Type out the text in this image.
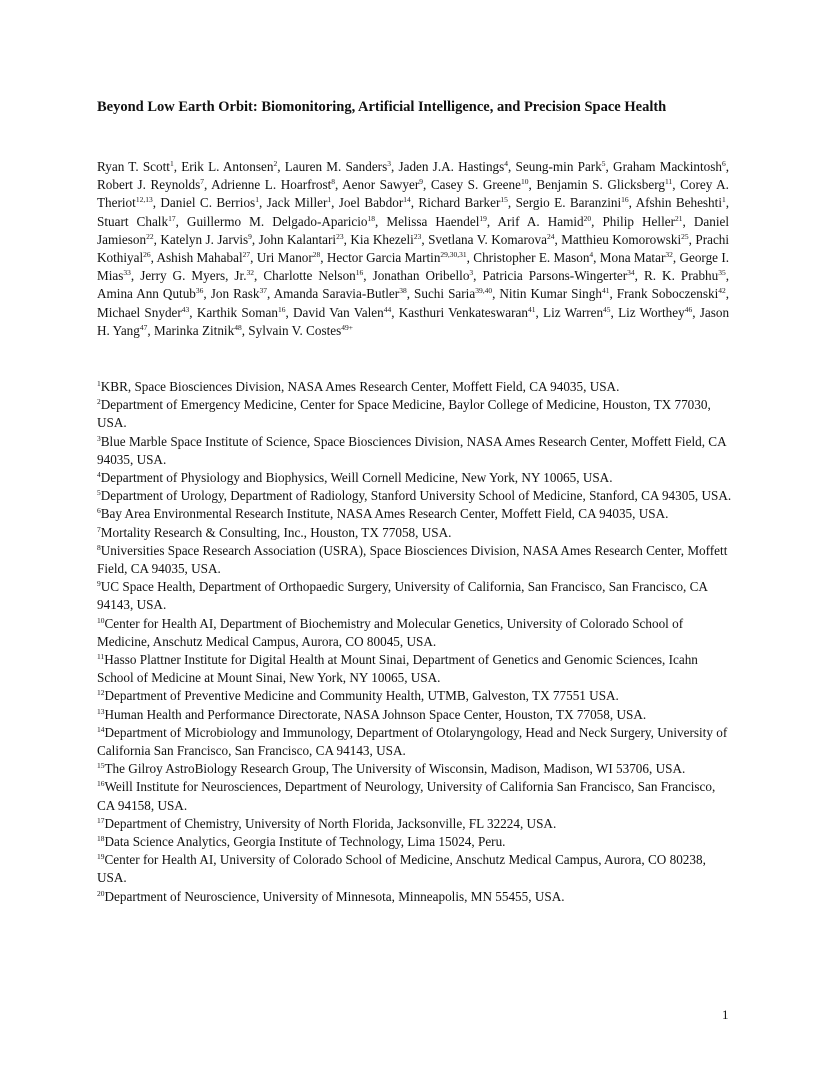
Beyond Low Earth Orbit: Biomonitoring, Artificial Intelligence, and Precision Space Health
Ryan T. Scott$^1$, Erik L. Antonsen$^2$, Lauren M. Sanders$^3$, Jaden J.A. Hastings$^4$, Seung-min Park$^5$, Graham Mackintosh$^6$, Robert J. Reynolds$^7$, Adrienne L. Hoarfrost$^8$, Aenor Sawyer$^9$, Casey S. Greene$^{10}$, Benjamin S. Glicksberg$^{11}$, Corey A. Theriot$^{12,13}$, Daniel C. Berrios$^1$, Jack Miller$^1$, Joel Babdor$^{14}$, Richard Barker$^{15}$, Sergio E. Baranzini$^{16}$, Afshin Beheshti$^1$, Stuart Chalk$^{17}$, Guillermo M. Delgado-Aparicio$^{18}$, Melissa Haendel$^{19}$, Arif A. Hamid$^{20}$, Philip Heller$^{21}$, Daniel Jamieson$^{22}$, Katelyn J. Jarvis$^9$, John Kalantari$^{23}$, Kia Khezeli$^{23}$, Svetlana V. Komarova$^{24}$, Matthieu Komorowski$^{25}$, Prachi Kothiyal$^{26}$, Ashish Mahabal$^{27}$, Uri Manor$^{28}$, Hector Garcia Martin$^{29,30,31}$, Christopher E. Mason$^4$, Mona Matar$^{32}$, George I. Mias$^{33}$, Jerry G. Myers, Jr.$^{32}$, Charlotte Nelson$^{16}$, Jonathan Oribello$^3$, Patricia Parsons-Wingerter$^{34}$, R. K. Prabhu$^{35}$, Amina Ann Qutub$^{36}$, Jon Rask$^{37}$, Amanda Saravia-Butler$^{38}$, Suchi Saria$^{39,40}$, Nitin Kumar Singh$^{41}$, Frank Soboczenski$^{42}$, Michael Snyder$^{43}$, Karthik Soman$^{16}$, David Van Valen$^{44}$, Kasthuri Venkateswaran$^{41}$, Liz Warren$^{45}$, Liz Worthey$^{46}$, Jason H. Yang$^{47}$, Marinka Zitnik$^{48}$, Sylvain V. Costes$^{49+}$

$^1$KBR, Space Biosciences Division, NASA Ames Research Center, Moffett Field, CA 94035, USA.

$^2$Department of Emergency Medicine, Center for Space Medicine, Baylor College of Medicine, Houston, TX 77030, USA.

$^3$Blue Marble Space Institute of Science, Space Biosciences Division, NASA Ames Research Center, Moffett Field, CA 94035, USA.

$^4$Department of Physiology and Biophysics, Weill Cornell Medicine, New York, NY 10065, USA.

$^5$Department of Urology, Department of Radiology, Stanford University School of Medicine, Stanford, CA 94305, USA.

$^6$Bay Area Environmental Research Institute, NASA Ames Research Center, Moffett Field, CA 94035, USA.

$^7$Mortality Research & Consulting, Inc., Houston, TX 77058, USA.

$^8$Universities Space Research Association (USRA), Space Biosciences Division, NASA Ames Research Center, Moffett Field, CA 94035, USA.

$^9$UC Space Health, Department of Orthopaedic Surgery, University of California, San Francisco, San Francisco, CA 94143, USA.

$^{10}$Center for Health AI, Department of Biochemistry and Molecular Genetics, University of Colorado School of Medicine, Anschutz Medical Campus, Aurora, CO 80045, USA.

$^{11}$Hasso Plattner Institute for Digital Health at Mount Sinai, Department of Genetics and Genomic Sciences, Icahn School of Medicine at Mount Sinai, New York, NY 10065, USA.

$^{12}$Department of Preventive Medicine and Community Health, UTMB, Galveston, TX 77551 USA.

$^{13}$Human Health and Performance Directorate, NASA Johnson Space Center, Houston, TX 77058, USA.

$^{14}$Department of Microbiology and Immunology, Department of Otolaryngology, Head and Neck Surgery, University of California San Francisco, San Francisco, CA 94143, USA.

$^{15}$The Gilroy AstroBiology Research Group, The University of Wisconsin, Madison, Madison, WI 53706, USA.

$^{16}$Weill Institute for Neurosciences, Department of Neurology, University of California San Francisco, San Francisco, CA 94158, USA.

$^{17}$Department of Chemistry, University of North Florida, Jacksonville, FL 32224, USA.

$^{18}$Data Science Analytics, Georgia Institute of Technology, Lima 15024, Peru.

$^{19}$Center for Health AI, University of Colorado School of Medicine, Anschutz Medical Campus, Aurora, CO 80238, USA.

$^{20}$Department of Neuroscience, University of Minnesota, Minneapolis, MN 55455, USA.

1
